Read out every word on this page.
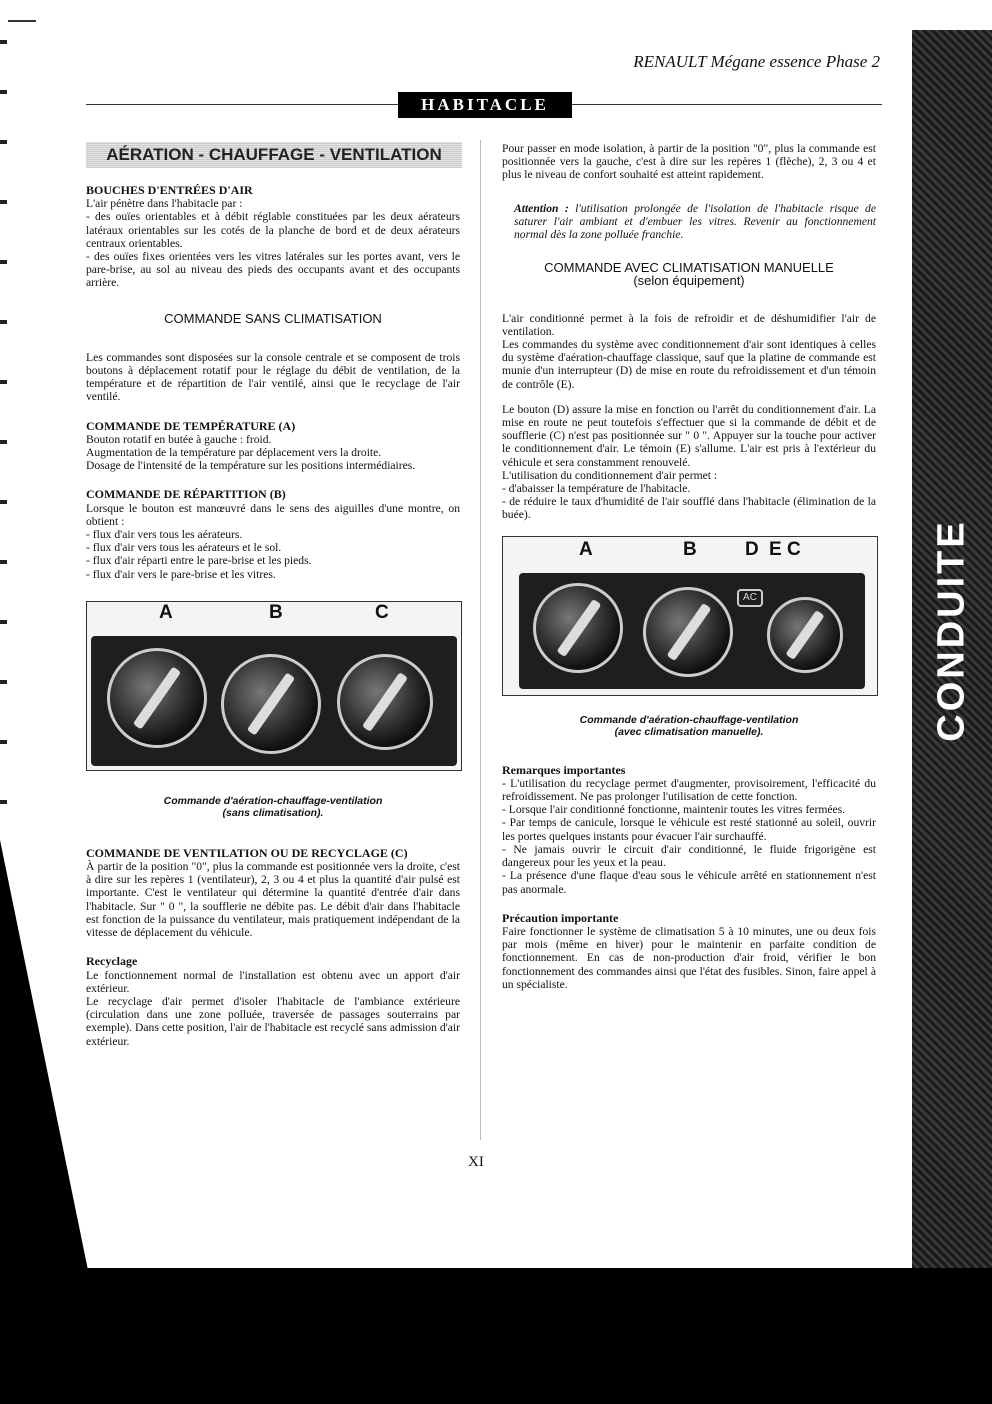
CONDUITE
RENAULT Mégane essence Phase 2
HABITACLE
AÉRATION - CHAUFFAGE - VENTILATION

BOUCHES D'ENTRÉES D'AIR

L'air pénètre dans l'habitacle par :

- des ouïes orientables et à débit réglable constituées par les deux aérateurs latéraux orientables sur les cotés de la planche de bord et de deux aérateurs centraux orientables.

- des ouïes fixes orientées vers les vitres latérales sur les portes avant, vers le pare-brise, au sol au niveau des pieds des occupants avant et des occupants arrière.

COMMANDE SANS CLIMATISATION

Les commandes sont disposées sur la console centrale et se composent de trois boutons à déplacement rotatif pour le réglage du débit de ventilation, de la température et de répartition de l'air ventilé, ainsi que le recyclage de l'air ventilé.

COMMANDE DE TEMPÉRATURE (A)

Bouton rotatif en butée à gauche : froid.

Augmentation de la température par déplacement vers la droite.

Dosage de l'intensité de la température sur les positions intermédiaires.

COMMANDE DE RÉPARTITION (B)

Lorsque le bouton est manœuvré dans le sens des aiguilles d'une montre, on obtient :

- flux d'air vers tous les aérateurs.

- flux d'air vers tous les aérateurs et le sol.

- flux d'air réparti entre le pare-brise et les pieds.

- flux d'air vers le pare-brise et les vitres.

A	B	C

Commande d'aération-chauffage-ventilation

(sans climatisation).

COMMANDE DE VENTILATION OU DE RECYCLAGE (C)

À partir de la position "0", plus la commande est positionnée vers la droite, c'est à dire sur les repères 1 (ventilateur), 2, 3 ou 4 et plus la quantité d'air pulsé est importante. C'est le ventilateur qui détermine la quantité d'entrée d'air dans l'habitacle. Sur " 0 ", la soufflerie ne débite pas. Le débit d'air dans l'habitacle est fonction de la puissance du ventilateur, mais pratiquement indépendant de la vitesse de déplacement du véhicule.

Recyclage

Le fonctionnement normal de l'installation est obtenu avec un apport d'air extérieur.

Le recyclage d'air permet d'isoler l'habitacle de l'ambiance extérieure (circulation dans une zone polluée, traversée de passages souterrains par exemple). Dans cette position, l'air de l'habitacle est recyclé sans admission d'air extérieur.

Pour passer en mode isolation, à partir de la position "0", plus la commande est positionnée vers la gauche, c'est à dire sur les repères 1 (flèche), 2, 3 ou 4 et plus le niveau de confort souhaité est atteint rapidement.

Attention : l'utilisation prolongée de l'isolation de l'habitacle risque de saturer l'air ambiant et d'embuer les vitres. Revenir au fonctionnement normal dès la zone polluée franchie.

COMMANDE AVEC CLIMATISATION MANUELLE

(selon équipement)

L'air conditionné permet à la fois de refroidir et de déshumidifier l'air de ventilation.

Les commandes du système avec conditionnement d'air sont identiques à celles du système d'aération-chauffage classique, sauf que la platine de commande est munie d'un interrupteur (D) de mise en route du refroidissement et d'un témoin de contrôle (E).

Le bouton (D) assure la mise en fonction ou l'arrêt du conditionnement d'air. La mise en route ne peut toutefois s'effectuer que si la commande de débit et de soufflerie (C) n'est pas positionnée sur " 0 ". Appuyer sur la touche pour activer le conditionnement d'air. Le témoin (E) s'allume. L'air est pris à l'extérieur du véhicule et sera constamment renouvelé.

L'utilisation du conditionnement d'air permet :

- d'abaisser la température de l'habitacle.

- de réduire le taux d'humidité de l'air soufflé dans l'habitacle (élimination de la buée).

A	B	D E C
AC

Commande d'aération-chauffage-ventilation

(avec climatisation manuelle).

Remarques importantes

- L'utilisation du recyclage permet d'augmenter, provisoirement, l'efficacité du refroidissement. Ne pas prolonger l'utilisation de cette fonction.

- Lorsque l'air conditionné fonctionne, maintenir toutes les vitres fermées.

- Par temps de canicule, lorsque le véhicule est resté stationné au soleil, ouvrir les portes quelques instants pour évacuer l'air surchauffé.

- Ne jamais ouvrir le circuit d'air conditionné, le fluide frigorigène est dangereux pour les yeux et la peau.

- La présence d'une flaque d'eau sous le véhicule arrêté en stationnement n'est pas anormale.

Précaution importante

Faire fonctionner le système de climatisation 5 à 10 minutes, une ou deux fois par mois (même en hiver) pour le maintenir en parfaite condition de fonctionnement. En cas de non-production d'air froid, vérifier le bon fonctionnement des commandes ainsi que l'état des fusibles. Sinon, faire appel à un spécialiste.

XI
